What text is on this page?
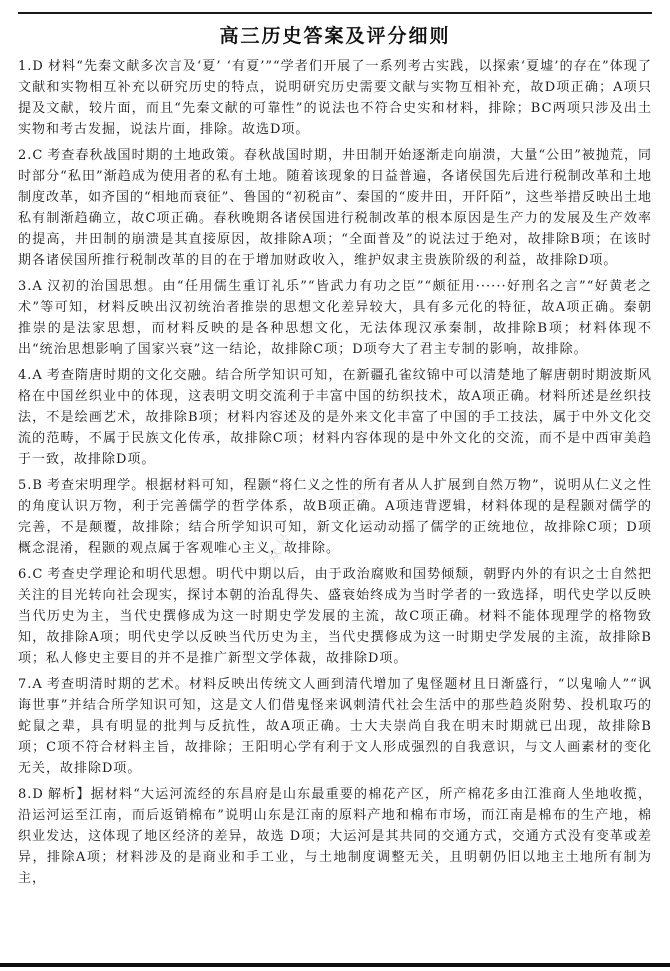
高三历史答案及评分细则

1.D 材料“先秦文献多次言及‘夏’ ‘有夏’”“学者们开展了一系列考古实践，以探索‘夏墟’的存在”体现了文献和实物相互补充以研究历史的特点，说明研究历史需要文献与实物互相补充，故D项正确；A项只提及文献，较片面，而且“先秦文献的可靠性”的说法也不符合史实和材料，排除；BC两项只涉及出土实物和考古发掘，说法片面，排除。故选D项。

2.C 考查春秋战国时期的土地政策。春秋战国时期，井田制开始逐渐走向崩溃，大量“公田”被抛荒，同时部分“私田”渐趋成为使用者的私有土地。随着该现象的日益普遍，各诸侯国先后进行税制改革和土地制度改革，如齐国的“相地而衰征”、鲁国的“初税亩”、秦国的“废井田，开阡陌”，这些举措反映出土地私有制渐趋确立，故C项正确。春秋晚期各诸侯国进行税制改革的根本原因是生产力的发展及生产效率的提高，井田制的崩溃是其直接原因，故排除A项；“全面普及”的说法过于绝对，故排除B项；在该时期各诸侯国所推行税制改革的目的在于增加财政收入，维护奴隶主贵族阶级的利益，故排除D项。

3.A 汉初的治国思想。由“任用儒生重订礼乐”“皆武力有功之臣”“颇征用······好刑名之言”“好黄老之术”等可知，材料反映出汉初统治者推崇的思想文化差异较大，具有多元化的特征，故A项正确。秦朝推崇的是法家思想，而材料反映的是各种思想文化，无法体现汉承秦制，故排除B项；材料体现不出“统治思想影响了国家兴衰”这一结论，故排除C项；D项夸大了君主专制的影响，故排除。

4.A 考查隋唐时期的文化交融。结合所学知识可知，在新疆孔雀纹锦中可以清楚地了解唐朝时期波斯风格在中国丝织业中的体现，这表明文明交流利于丰富中国的纺织技术，故A项正确。材料所述是丝织技法，不是绘画艺术，故排除B项；材料内容述及的是外来文化丰富了中国的手工技法，属于中外文化交流的范畴，不属于民族文化传承，故排除C项；材料内容体现的是中外文化的交流，而不是中西审美趋于一致，故排除D项。

5.B 考查宋明理学。根据材料可知，程颢“将仁义之性的所有者从人扩展到自然万物”，说明从仁义之性的角度认识万物，利于完善儒学的哲学体系，故B项正确。A项违背逻辑，材料体现的是程颢对儒学的完善，不是颠覆，故排除；结合所学知识可知，新文化运动动摇了儒学的正统地位，故排除C项；D项概念混淆，程颢的观点属于客观唯心主义，故排除。

6.C 考查史学理论和明代思想。明代中期以后，由于政治腐败和国势倾颓，朝野内外的有识之士自然把关注的目光转向社会现实，探讨本朝的治乱得失、盛衰始终成为当时学者的一致选择，明代史学以反映当代历史为主，当代史撰修成为这一时期史学发展的主流，故C项正确。材料不能体现理学的格物致知，故排除A项；明代史学以反映当代历史为主，当代史撰修成为这一时期史学发展的主流，故排除B项；私人修史主要目的并不是推广新型文学体裁，故排除D项。

7.A 考查明清时期的艺术。材料反映出传统文人画到清代增加了鬼怪题材且日渐盛行，“以鬼喻人”“讽诲世事”并结合所学知识可知，这是文人们借鬼怪来讽刺清代社会生活中的那些趋炎附势、投机取巧的蛇鼠之辈，具有明显的批判与反抗性，故A项正确。士大夫崇尚自我在明末时期就已出现，故排除B项；C项不符合材料主旨，故排除；王阳明心学有利于文人形成强烈的自我意识，与文人画素材的变化无关，故排除D项。

8.D 解析】据材料“大运河流经的东昌府是山东最重要的棉花产区，所产棉花多由江淮商人坐地收揽，沿运河运至江南，而后返销棉布”说明山东是江南的原料产地和棉布市场，而江南是棉布的生产地，棉织业发达，这体现了地区经济的差异，故选 D项；大运河是其共同的交通方式，交通方式没有变革或差异，排除A项；材料涉及的是商业和手工业，与土地制度调整无关，且明朝仍旧以地主土地所有制为主，

公众号
公众号
